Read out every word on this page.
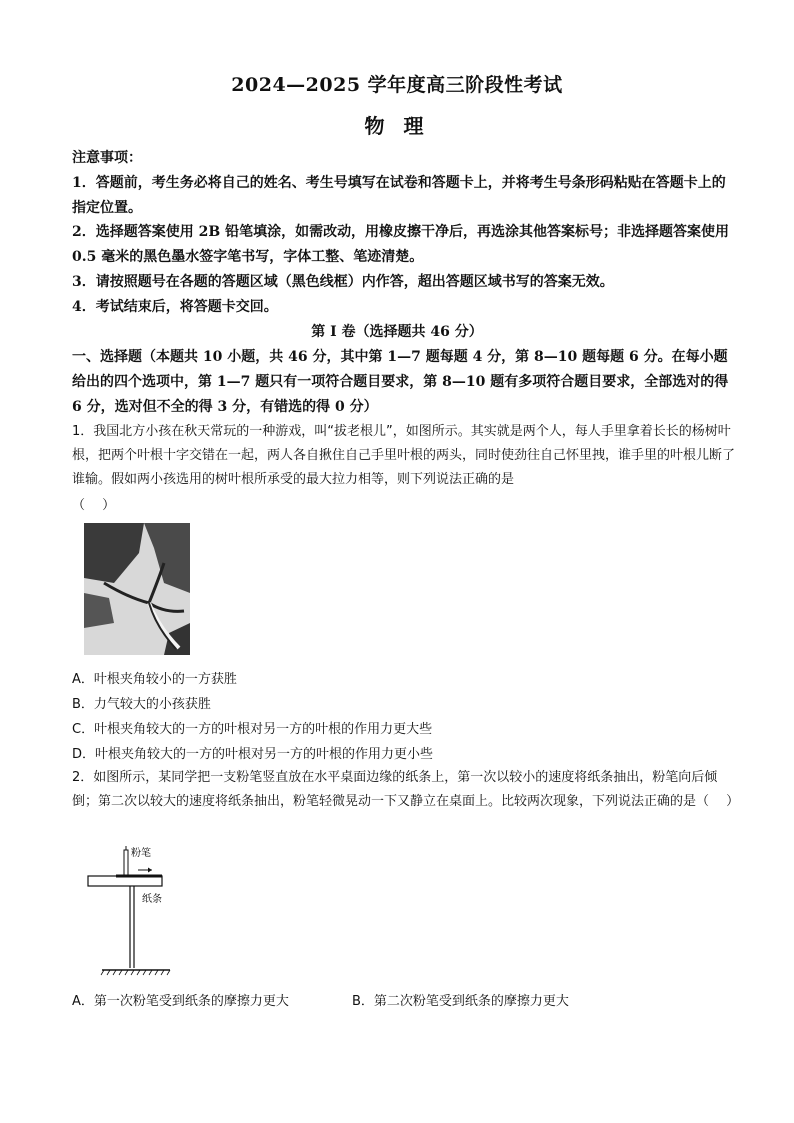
2024—2025 学年度高三阶段性考试
物 理
注意事项：
1．答题前，考生务必将自己的姓名、考生号填写在试卷和答题卡上，并将考生号条形码粘贴在答题卡上的指定位置。
2．选择题答案使用 2B 铅笔填涂，如需改动，用橡皮擦干净后，再选涂其他答案标号；非选择题答案使用 0.5 毫米的黑色墨水签字笔书写，字体工整、笔迹清楚。
3．请按照题号在各题的答题区域（黑色线框）内作答，超出答题区域书写的答案无效。
4．考试结束后，将答题卡交回。
第 I 卷（选择题共 46 分）
一、选择题（本题共 10 小题，共 46 分，其中第 1—7 题每题 4 分，第 8—10 题每题 6 分。在每小题给出的四个选项中，第 1—7 题只有一项符合题目要求，第 8—10 题有多项符合题目要求，全部选对的得 6 分，选对但不全的得 3 分，有错选的得 0 分）
1．我国北方小孩在秋天常玩的一种游戏，叫“拔老根儿”，如图所示。其实就是两个人，每人手里拿着长长的杨树叶根，把两个叶根十字交错在一起，两人各自揪住自己手里叶根的两头，同时使劲往自己怀里拽，谁手里的叶根儿断了谁输。假如两小孩选用的树叶根所承受的最大拉力相等，则下列说法正确的是
（　 ）
A．叶根夹角较小的一方获胜
B．力气较大的小孩获胜
C．叶根夹角较大的一方的叶根对另一方的叶根的作用力更大些
D．叶根夹角较大的一方的叶根对另一方的叶根的作用力更小些
2．如图所示，某同学把一支粉笔竖直放在水平桌面边缘的纸条上，第一次以较小的速度将纸条抽出，粉笔向后倾倒；第二次以较大的速度将纸条抽出，粉笔轻微晃动一下又静立在桌面上。比较两次现象，下列说法正确的是（　 ）
粉笔
纸条
A．第一次粉笔受到纸条的摩擦力更大	B．第二次粉笔受到纸条的摩擦力更大
